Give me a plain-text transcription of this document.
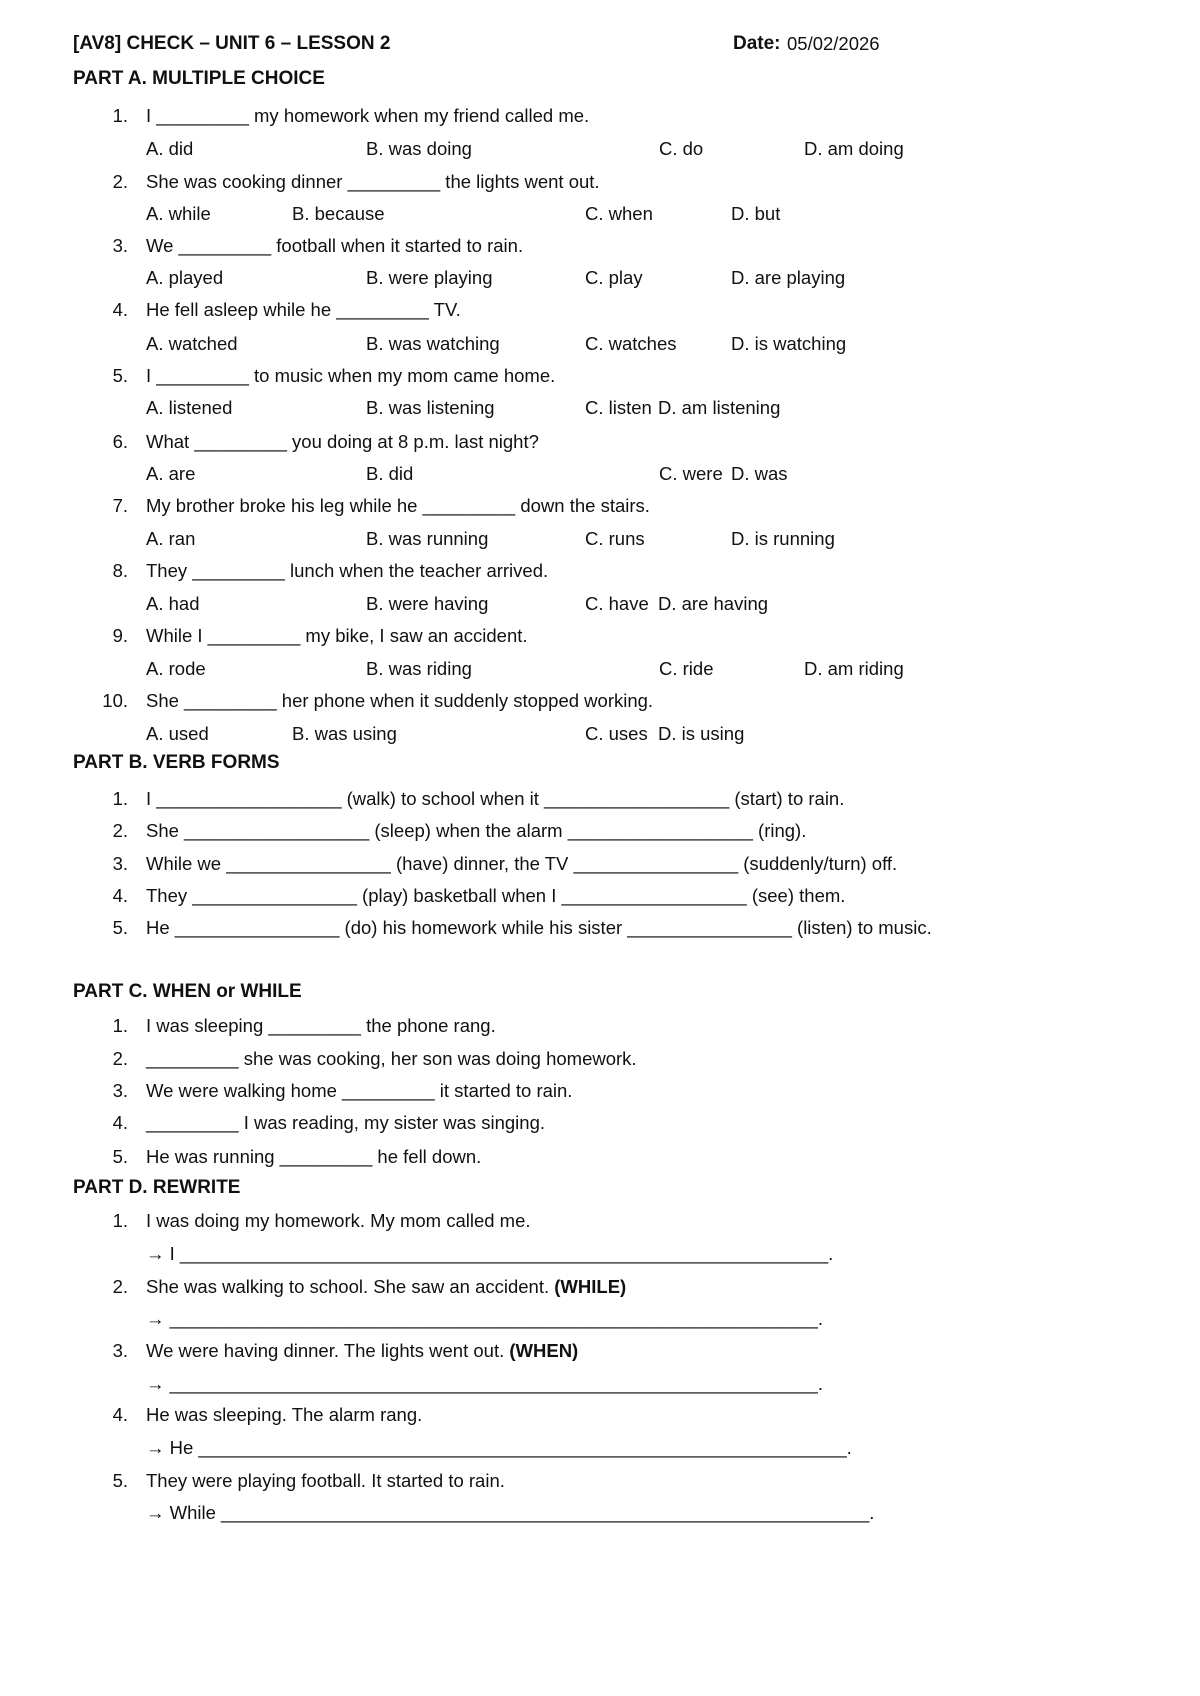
[AV8] CHECK – UNIT 6 – LESSON 2	Date: 05/02/2026
PART A. MULTIPLE CHOICE
1. I _________ my homework when my friend called me.
A. did	B. was doing	C. do	D. am doing
2. She was cooking dinner _________ the lights went out.
A. while	B. because	C. when	D. but
3. We _________ football when it started to rain.
A. played	B. were playing	C. play	D. are playing
4. He fell asleep while he _________ TV.
A. watched	B. was watching	C. watches	D. is watching
5. I _________ to music when my mom came home.
A. listened	B. was listening	C. listen D. am listening
6. What _________ you doing at 8 p.m. last night?
A. are	B. did	C. were D. was
7. My brother broke his leg while he _________ down the stairs.
A. ran	B. was running	C. runs	D. is running
8. They _________ lunch when the teacher arrived.
A. had	B. were having	C. have D. are having
9. While I _________ my bike, I saw an accident.
A. rode	B. was riding	C. ride	D. am riding
10. She _________ her phone when it suddenly stopped working.
A. used	B. was using	C. uses D. is using
PART B. VERB FORMS
1. I __________________ (walk) to school when it __________________ (start) to rain.
2. She __________________ (sleep) when the alarm __________________ (ring).
3. While we ________________ (have) dinner, the TV ________________ (suddenly/turn) off.
4. They ________________ (play) basketball when I __________________ (see) them.
5. He ________________ (do) his homework while his sister ________________ (listen) to music.
PART C. WHEN or WHILE
1. I was sleeping _________ the phone rang.
2. _________ she was cooking, her son was doing homework.
3. We were walking home _________ it started to rain.
4. _________ I was reading, my sister was singing.
5. He was running _________ he fell down.
PART D. REWRITE
1. I was doing my homework. My mom called me.
→ I _______________________________________________________________.
2. She was walking to school. She saw an accident. (WHILE)
→ _______________________________________________________________.
3. We were having dinner. The lights went out. (WHEN)
→ _______________________________________________________________.
4. He was sleeping. The alarm rang.
→ He _______________________________________________________________.
5. They were playing football. It started to rain.
→ While _______________________________________________________________.
